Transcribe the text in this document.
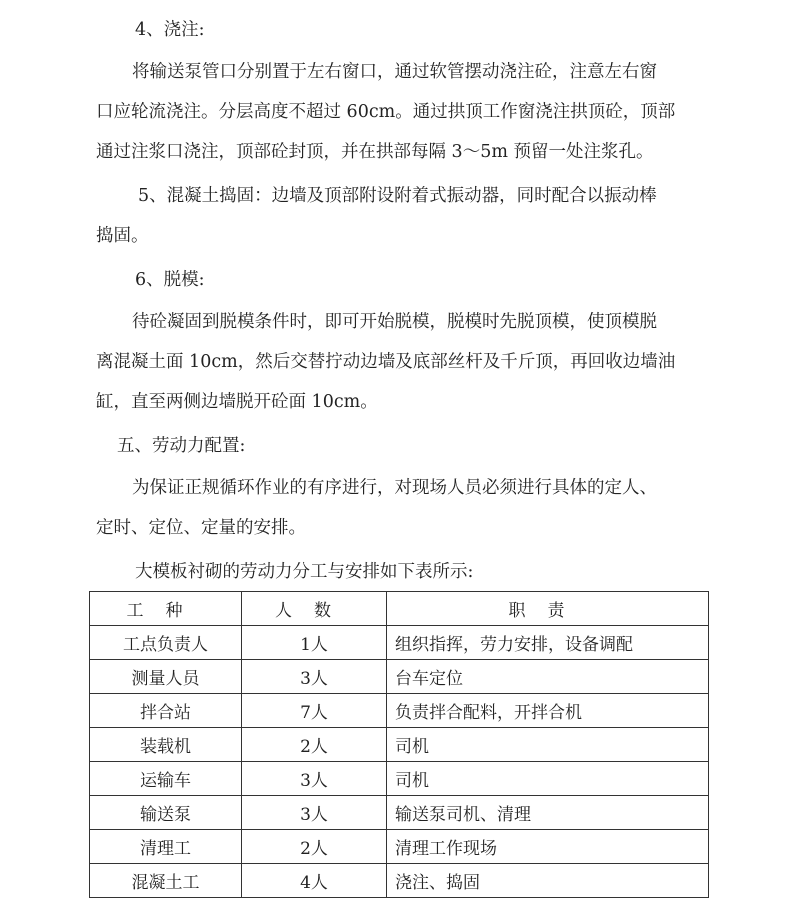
4、浇注:

将输送泵管口分别置于左右窗口，通过软管摆动浇注砼，注意左右窗
口应轮流浇注。分层高度不超过 60cm。通过拱顶工作窗浇注拱顶砼，顶部
通过注浆口浇注，顶部砼封顶，并在拱部每隔 3～5m 预留一处注浆孔。

5、混凝土捣固：边墙及顶部附设附着式振动器，同时配合以振动棒
捣固。

6、脱模:

待砼凝固到脱模条件时，即可开始脱模，脱模时先脱顶模，使顶模脱
离混凝土面 10cm，然后交替拧动边墙及底部丝杆及千斤顶，再回收边墙油
缸，直至两侧边墙脱开砼面 10cm。

五、劳动力配置:

为保证正规循环作业的有序进行，对现场人员必须进行具体的定人、
定时、定位、定量的安排。

大模板衬砌的劳动力分工与安排如下表所示:
工种	人数	职责
工点负责人	1人	组织指挥，劳力安排，设备调配
测量人员	3人	台车定位
拌合站	7人	负责拌合配料，开拌合机
装载机	2人	司机
运输车	3人	司机
输送泵	3人	输送泵司机、清理
清理工	2人	清理工作现场
混凝土工	4人	浇注、捣固
